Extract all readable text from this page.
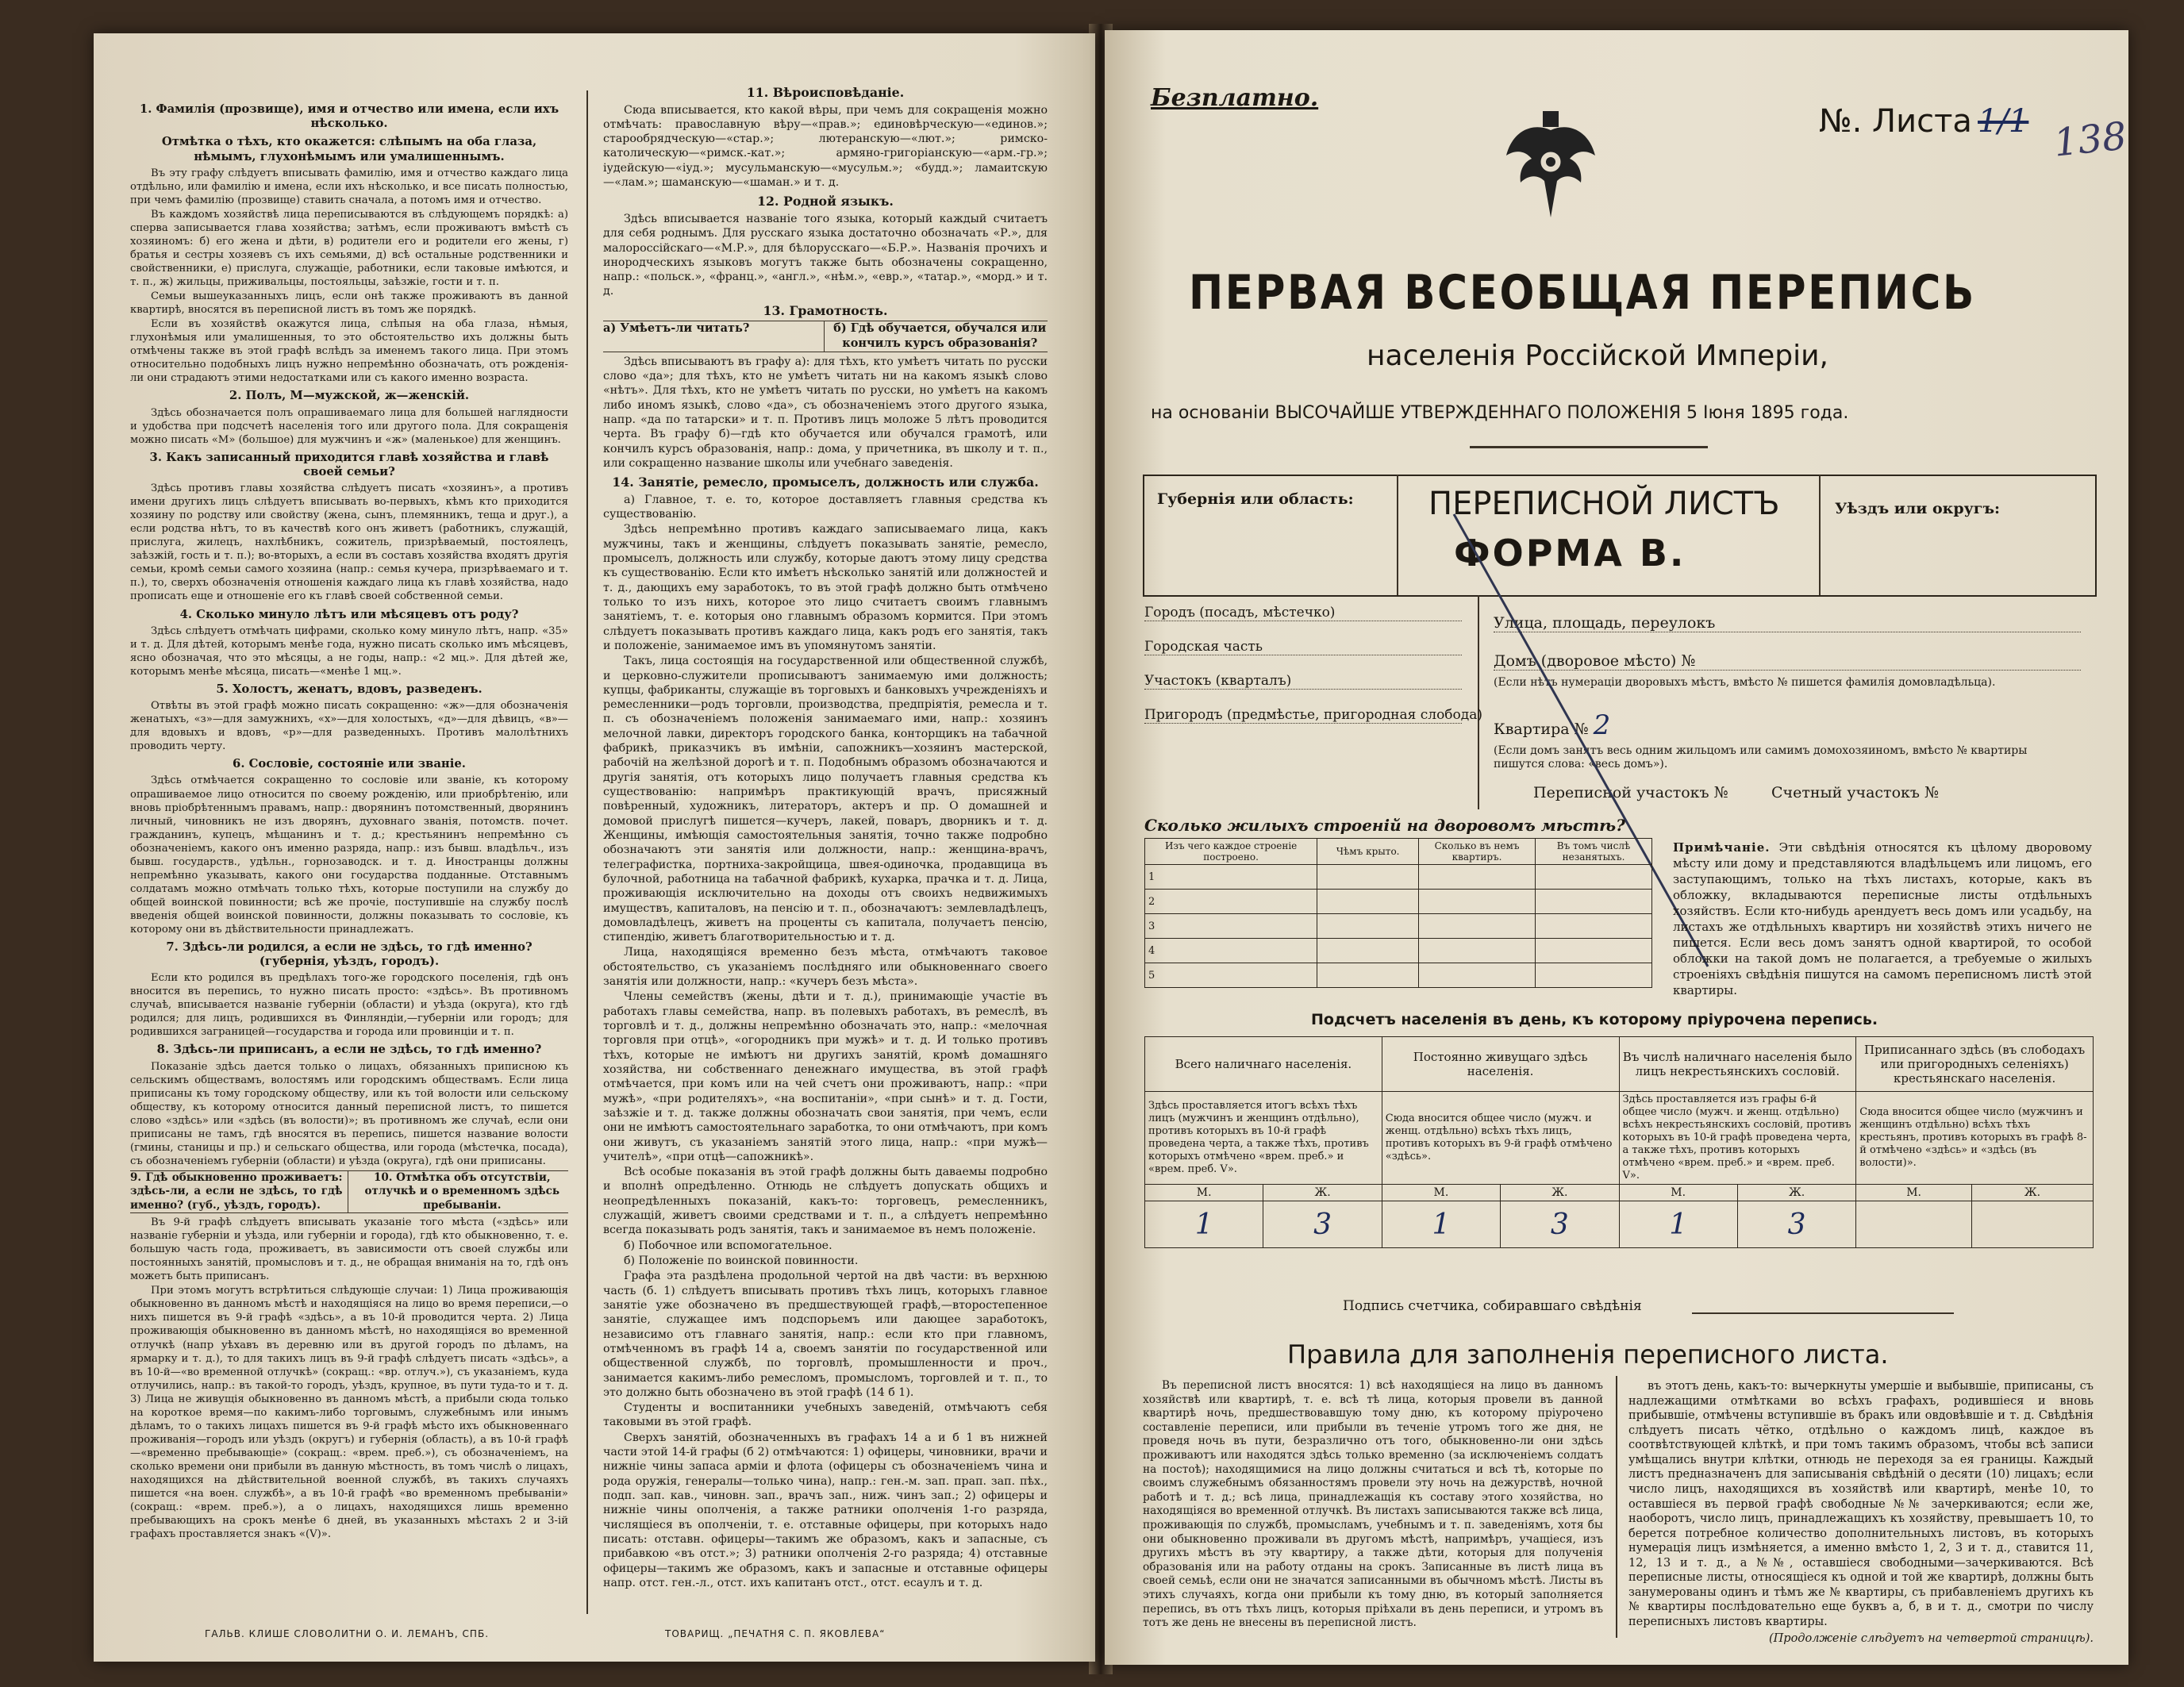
1. Фамилія (прозвище), имя и отчество или имена, если ихъ нѣсколько.
Отмѣтка о тѣхъ, кто окажется: слѣпымъ на оба глаза, нѣмымъ, глухонѣмымъ или умалишеннымъ.

Въ эту графу слѣдуетъ вписывать фамилію, имя и отчество каждаго лица отдѣльно, или фамилію и имена, если ихъ нѣсколько, и все писать полностью, при чемъ фамилію (прозвище) ставить сначала, а потомъ имя и отчество.

Въ каждомъ хозяйствѣ лица переписываются въ слѣдующемъ порядкѣ: а) сперва записывается глава хозяйства; затѣмъ, если проживаютъ вмѣстѣ съ хозяиномъ: б) его жена и дѣти, в) родители его и родители его жены, г) братья и сестры хозяевъ съ ихъ семьями, д) всѣ остальные родственники и свойственники, е) прислуга, служащіе, работники, если таковые имѣются, и т. п., ж) жильцы, приживальцы, постояльцы, заѣзжіе, гости и т. п.

Семьи вышеуказанныхъ лицъ, если онѣ также проживаютъ въ данной квартирѣ, вносятся въ переписной листъ въ томъ же порядкѣ.

Если въ хозяйствѣ окажутся лица, слѣпыя на оба глаза, нѣмыя, глухонѣмыя или умалишенныя, то это обстоятельство ихъ должны быть отмѣчены также въ этой графѣ вслѣдъ за именемъ такого лица. При этомъ относительно подобныхъ лицъ нужно непремѣнно обозначать, отъ рожденія-ли они страдаютъ этими недостатками или съ какого именно возраста.

2. Полъ, М—мужской, ж—женскій.

Здѣсь обозначается полъ опрашиваемаго лица для большей наглядности и удобства при подсчетѣ населенія того или другого пола. Для сокращенія можно писать «М» (большое) для мужчинъ и «ж» (маленькое) для женщинъ.

3. Какъ записанный приходится главѣ хозяйства и главѣ своей семьи?

Здѣсь противъ главы хозяйства слѣдуетъ писать «хозяинъ», а противъ имени другихъ лицъ слѣдуетъ вписывать во-первыхъ, кѣмъ кто приходится хозяину по родству или свойству (жена, сынъ, племянникъ, теща и друг.), а если родства нѣтъ, то въ качествѣ кого онъ живетъ (работникъ, служащій, прислуга, жилецъ, нахлѣбникъ, сожитель, призрѣваемый, постоялецъ, заѣзжій, гость и т. п.); во-вторыхъ, а если въ составъ хозяйства входятъ другія семьи, кромѣ семьи самого хозяина (напр.: семья кучера, призрѣваемаго и т. п.), то, сверхъ обозначенія отношенія каждаго лица къ главѣ хозяйства, надо прописать еще и отношеніе его къ главѣ своей собственной семьи.

4. Сколько минуло лѣтъ или мѣсяцевъ отъ роду?

Здѣсь слѣдуетъ отмѣчать цифрами, сколько кому минуло лѣтъ, напр. «35» и т. д. Для дѣтей, которымъ менѣе года, нужно писать сколько имъ мѣсяцевъ, ясно обозначая, что это мѣсяцы, а не годы, напр.: «2 мц.». Для дѣтей же, которымъ менѣе мѣсяца, писать—«менѣе 1 мц.».

5. Холостъ, женатъ, вдовъ, разведенъ.

Отвѣты въ этой графѣ можно писать сокращенно: «ж»—для обозначенія женатыхъ, «з»—для замужнихъ, «х»—для холостыхъ, «д»—для дѣвицъ, «в»—для вдовыхъ и вдовъ, «р»—для разведенныхъ. Противъ малолѣтнихъ проводить черту.

6. Сословіе, состояніе или званіе.

Здѣсь отмѣчается сокращенно то сословіе или званіе, къ которому опрашиваемое лицо относится по своему рожденію, или приобрѣтенію, или вновь пріобрѣтеннымъ правамъ, напр.: дворянинъ потомственный, дворянинъ личный, чиновникъ не изъ дворянъ, духовнаго званія, потомств. почет. гражданинъ, купецъ, мѣщанинъ и т. д.; крестьянинъ непремѣнно съ обозначеніемъ, какого онъ именно разряда, напр.: изъ бывш. владѣльч., изъ бывш. государств., удѣльн., горнозаводск. и т. д. Иностранцы должны непремѣнно указывать, какого они государства подданные. Отставнымъ солдатамъ можно отмѣчать только тѣхъ, которые поступили на службу до общей воинской повинности; всѣ же прочіе, поступившіе на службу послѣ введенія общей воинской повинности, должны показывать то сословіе, къ которому они въ дѣйствительности принадлежатъ.

7. Здѣсь-ли родился, а если не здѣсь, то гдѣ именно? (губернія, уѣздъ, городъ).

Если кто родился въ предѣлахъ того-же городского поселенія, гдѣ онъ вносится въ перепись, то нужно писать просто: «здѣсь». Въ противномъ случаѣ, вписывается названіе губерніи (области) и уѣзда (округа), кто гдѣ родился; для лицъ, родившихся въ Финляндіи,—губерніи или городъ; для родившихся заграницей—государства и города или провинціи и т. п.

8. Здѣсь-ли приписанъ, а если не здѣсь, то гдѣ именно?

Показаніе здѣсь дается только о лицахъ, обязанныхъ приписною къ сельскимъ обществамъ, волостямъ или городскимъ обществамъ. Если лица приписаны къ тому городскому обществу, или къ той волости или сельскому обществу, къ которому относится данный переписной листъ, то пишется слово «здѣсь» или «здѣсь (въ волости)»; въ противномъ же случаѣ, если они приписаны не тамъ, гдѣ вносятся въ перепись, пишется название волости (гмины, станицы и пр.) и сельскаго общества, или города (мѣстечка, посада), съ обозначеніемъ губерніи (области) и уѣзда (округа), гдѣ они приписаны.

9. Гдѣ обыкновенно проживаетъ: здѣсь-ли, а если не здѣсь, то гдѣ именно? (губ., уѣздъ, городъ).
10. Отмѣтка объ отсутствіи, отлучкѣ и о временномъ здѣсь пребываніи.

Въ 9-й графѣ слѣдуетъ вписывать указаніе того мѣста («здѣсь» или названіе губерніи и уѣзда, или губерніи и города), гдѣ кто обыкновенно, т. е. большую часть года, проживаетъ, въ зависимости отъ своей службы или постоянныхъ занятій, промысловъ и т. д., не обращая вниманія на то, гдѣ онъ можетъ быть приписанъ.

При этомъ могутъ встрѣтиться слѣдующіе случаи: 1) Лица проживающія обыкновенно въ данномъ мѣстѣ и находящіяся на лицо во время переписи,—о нихъ пишется въ 9-й графѣ «здѣсь», а въ 10-й проводится черта. 2) Лица проживающія обыкновенно въ данномъ мѣстѣ, но находящіяся во временной отлучкѣ (напр уѣхавъ въ деревню или въ другой городъ по дѣламъ, на ярмарку и т. д.), то для такихъ лицъ въ 9-й графѣ слѣдуетъ писать «здѣсь», а въ 10-й—«во временной отлучкѣ» (сокращ.: «вр. отлуч.»), съ указаніемъ, куда отлучились, напр.: въ такой-то городъ, уѣздъ, крупное, въ пути туда-то и т. д. 3) Лица не живущія обыкновенно въ данномъ мѣстѣ, а прибыли сюда только на короткое время—по какимъ-либо торговымъ, служебнымъ или инымъ дѣламъ, то о такихъ лицахъ пишется въ 9-й графѣ мѣсто ихъ обыкновеннаго проживанія—городъ или уѣздъ (округъ) и губернія (область), а въ 10-й графѣ—«временно пребывающіе» (сокращ.: «врем. преб.»), съ обозначеніемъ, на сколько времени они прибыли въ данную мѣстность, въ томъ числѣ о лицахъ, находящихся на дѣйствительной военной службѣ, въ такихъ случаяхъ пишется «на воен. службѣ», а въ 10-й графѣ «во временномъ пребываніи» (сокращ.: «врем. преб.»), а о лицахъ, находящихся лишь временно пребывающихъ на срокъ менѣе 6 дней, въ указанныхъ мѣстахъ 2 и 3-ій графахъ проставляется знакъ «(V)».

11. Вѣроисповѣданіе.

Сюда вписывается, кто какой вѣры, при чемъ для сокращенія можно отмѣчать: православную вѣру—«прав.»; единовѣрческую—«единов.»; старообрядческую—«стар.»; лютеранскую—«лют.»; римско-католическую—«римск.-кат.»; армяно-григоріанскую—«арм.-гр.»; іудейскую—«іуд.»; мусульманскую—«мусульм.»; «будд.»; ламаитскую—«лам.»; шаманскую—«шаман.» и т. д.

12. Родной языкъ.

Здѣсь вписывается названіе того языка, который каждый считаетъ для себя роднымъ. Для русскаго языка достаточно обозначать «Р.», для малороссійскаго—«М.Р.», для бѣлорусскаго—«Б.Р.». Названія прочихъ и инородческихъ языковъ могутъ также быть обозначены сокращенно, напр.: «польск.», «франц.», «англ.», «нѣм.», «евр.», «татар.», «морд.» и т. д.

13. Грамотность.
а) Умѣетъ-ли читать?	б) Гдѣ обучается, обучался или кончилъ курсъ образованія?

Здѣсь вписываютъ въ графу а): для тѣхъ, кто умѣетъ читать по русски слово «да»; для тѣхъ, кто не умѣетъ читать ни на какомъ языкѣ слово «нѣтъ». Для тѣхъ, кто не умѣетъ читать по русски, но умѣетъ на какомъ либо иномъ языкѣ, слово «да», съ обозначеніемъ этого другого языка, напр. «да по татарски» и т. п. Противъ лицъ моложе 5 лѣтъ проводится черта. Въ графу б)—гдѣ кто обучается или обучался грамотѣ, или кончилъ курсъ образованія, напр.: дома, у причетника, въ школу и т. п., или сокращенно название школы или учебнаго заведенія.

14. Занятіе, ремесло, промыселъ, должность или служба.

а) Главное, т. е. то, которое доставляетъ главныя средства къ существованію.

Здѣсь непремѣнно противъ каждаго записываемаго лица, какъ мужчины, такъ и женщины, слѣдуетъ показывать занятіе, ремесло, промыселъ, должность или службу, которые даютъ этому лицу средства къ существованію. Если кто имѣетъ нѣсколько занятій или должностей и т. д., дающихъ ему заработокъ, то въ этой графѣ должно быть отмѣчено только то изъ нихъ, которое это лицо считаетъ своимъ главнымъ занятіемъ, т. е. которыя оно главнымъ образомъ кормится. При этомъ слѣдуетъ показывать противъ каждаго лица, какъ родъ его занятія, такъ и положеніе, занимаемое имъ въ упомянутомъ занятіи.

Такъ, лица состоящія на государственной или общественной службѣ, и церковно-служители прописываютъ занимаемую ими должность; купцы, фабриканты, служащіе въ торговыхъ и банковыхъ учрежденіяхъ и ремесленники—родъ торговли, производства, предпріятія, ремесла и т. п. съ обозначеніемъ положенія занимаемаго ими, напр.: хозяинъ мелочной лавки, директоръ городского банка, конторщикъ на табачной фабрикѣ, приказчикъ въ имѣніи, сапожникъ—хозяинъ мастерской, рабочій на желѣзной дорогѣ и т. п. Подобнымъ образомъ обозначаются и другія занятія, отъ которыхъ лицо получаетъ главныя средства къ существованію: напримѣръ практикующій врачъ, присяжный повѣренный, художникъ, литераторъ, актеръ и пр. О домашней и домовой прислугѣ пишется—кучеръ, лакей, поваръ, дворникъ и т. д. Женщины, имѣющія самостоятельныя занятія, точно также подробно обозначаютъ эти занятія или должности, напр.: женщина-врачъ, телеграфистка, портниха-закройщица, швея-одиночка, продавщица въ булочной, работница на табачной фабрикѣ, кухарка, прачка и т. д. Лица, проживающія исключительно на доходы отъ своихъ недвижимыхъ имуществъ, капиталовъ, на пенсію и т. п., обозначаютъ: землевладѣлецъ, домовладѣлецъ, живетъ на проценты съ капитала, получаетъ пенсію, стипендію, живетъ благотворительностью и т. д.

Лица, находящіяся временно безъ мѣста, отмѣчаютъ таковое обстоятельство, съ указаніемъ послѣдняго или обыкновеннаго своего занятія или должности, напр.: «кучеръ безъ мѣста».

Члены семействъ (жены, дѣти и т. д.), принимающіе участіе въ работахъ главы семейства, напр. въ полевыхъ работахъ, въ ремеслѣ, въ торговлѣ и т. д., должны непремѣнно обозначать это, напр.: «мелочная торговля при отцѣ», «огородникъ при мужѣ» и т. д. И только противъ тѣхъ, которые не имѣютъ ни другихъ занятій, кромѣ домашняго хозяйства, ни собственнаго денежнаго имущества, въ этой графѣ отмѣчается, при комъ или на чей счетъ они проживаютъ, напр.: «при мужѣ», «при родителяхъ», «на воспитаніи», «при сынѣ» и т. д. Гости, заѣзжіе и т. д. также должны обозначать свои занятія, при чемъ, если они не имѣютъ самостоятельнаго заработка, то они отмѣчаютъ, при комъ они живутъ, съ указаніемъ занятій этого лица, напр.: «при мужѣ—учителѣ», «при отцѣ—сапожникѣ».

Всѣ особые показанія въ этой графѣ должны быть даваемы подробно и вполнѣ опредѣленно. Отнюдь не слѣдуетъ допускать общихъ и неопредѣленныхъ показаній, какъ-то: торговецъ, ремесленникъ, служащій, живетъ своими средствами и т. п., а слѣдуетъ непремѣнно всегда показывать родъ занятія, такъ и занимаемое въ немъ положеніе.

б) Побочное или вспомогательное.

б) Положеніе по воинской повинности.

Графа эта раздѣлена продольной чертой на двѣ части: въ верхнюю часть (б. 1) слѣдуетъ вписывать противъ тѣхъ лицъ, которыхъ главное занятіе уже обозначено въ предшествующей графѣ,—второстепенное занятіе, служащее имъ подспорьемъ или дающее заработокъ, независимо отъ главнаго занятія, напр.: если кто при главномъ, отмѣченномъ въ графѣ 14 а, своемъ занятіи по государственной или общественной службѣ, по торговлѣ, промышленности и проч., занимается какимъ-либо ремесломъ, промысломъ, торговлей и т. п., то это должно быть обозначено въ этой графѣ (14 б 1).

Студенты и воспитанники учебныхъ заведеній, отмѣчаютъ себя таковыми въ этой графѣ.

Сверхъ занятій, обозначенныхъ въ графахъ 14 а и б 1 въ нижней части этой 14-й графы (б 2) отмѣчаются: 1) офицеры, чиновники, врачи и нижніе чины запаса арміи и флота (офицеры съ обозначеніемъ чина и рода оружія, генералы—только чина), напр.: ген.-м. зап. прап. зап. пѣх., подп. зап. кав., чиновн. зап., врачъ зап., ниж. чинъ зап.; 2) офицеры и нижніе чины ополченія, а также ратники ополченія 1-го разряда, числящіеся въ ополченіи, т. е. отставные офицеры, при которыхъ надо писать: отставн. офицеры—такимъ же образомъ, какъ и запасные, съ прибавкою «въ отст.»; 3) ратники ополченія 2-го разряда; 4) отставные офицеры—такимъ же образомъ, какъ и запасные и отставные офицеры напр. отст. ген.-л., отст. ихъ капитанъ отст., отст. есаулъ и т. д.

ГАЛЬВ. КЛИШЕ СЛОВОЛИТНИ О. И. ЛЕМАНЪ, СПБ.	ТОВАРИЩ. „ПЕЧАТНЯ С. П. ЯКОВЛЕВА“
Безплатно.
№. Листа 1/1 138
ПЕРВАЯ ВСЕОБЩАЯ ПЕРЕПИСЬ
населенія Россійской Имперіи,
на основаніи ВЫСОЧАЙШЕ УТВЕРЖДЕННАГО ПОЛОЖЕНІЯ 5 Іюня 1895 года.
Губернія или область: ПЕРЕПИСНОЙ ЛИСТЪ
ФОРМА В.
Уѣздъ или округъ:
Городъ (посадъ, мѣстечко)
Городская часть
Участокъ (кварталъ)
Пригородъ (предмѣстье, пригородная слобода)
Улица, площадь, переулокъ
Домъ (дворовое мѣсто) №
(Если нѣтъ нумераціи дворовыхъ мѣстъ, вмѣсто № пишется фамилія домовладѣльца).
Квартира № 2
(Если домъ занятъ весь одним жильцомъ или самимъ домохозяиномъ, вмѣсто № квартиры пишутся слова: «весь домъ»).
Переписной участокъ №	Счетный участокъ №
Сколько жилыхъ строеній на дворовомъ мѣстѣ?
Изъ чего каждое строеніе построено.	Чѣмъ крыто.	Сколько въ немъ квартиръ.	Въ томъ числѣ незанятыхъ.
1			
2			
3			
4			
5			
Примѣчаніе. Эти свѣдѣнія относятся къ цѣлому дворовому мѣсту или дому и представляются владѣльцемъ или лицомъ, его заступающимъ, только на тѣхъ листахъ, которые, какъ въ обложку, вкладываются переписные листы отдѣльныхъ хозяйствъ. Если кто-нибудь арендуетъ весь домъ или усадьбу, на листахъ же отдѣльныхъ квартиръ ни хозяйствѣ этихъ ничего не пишется. Если весь домъ занятъ одной квартирой, то особой обложки на такой домъ не полагается, а требуемые о жилыхъ строеніяхъ свѣдѣнія пишутся на самомъ переписномъ листѣ этой квартиры.
Подсчетъ населенія въ день, къ которому пріурочена перепись.
Всего наличнаго населенія.		Постоянно живущаго здѣсь населенія.		Въ числѣ наличнаго населенія было лицъ некрестьянскихъ сословій.		Приписаннаго здѣсь (въ слободахъ или пригородныхъ селеніяхъ) крестьянскаго населенія.	
Здѣсь проставляется итогъ всѣхъ тѣхъ лицъ (мужчинъ и женщинъ отдѣльно), противъ которыхъ въ 10-й графѣ проведена черта, а также тѣхъ, противъ которыхъ отмѣчено «врем. преб.» и «врем. преб. V».		Сюда вносится общее число (мужч. и женщ. отдѣльно) всѣхъ тѣхъ лицъ, противъ которыхъ въ 9-й графѣ отмѣчено «здѣсь».		Здѣсь проставляется изъ графы 6-й общее число (мужч. и женщ. отдѣльно) всѣхъ некрестьянскихъ сословій, противъ которыхъ въ 10-й графѣ проведена черта, а также тѣхъ, противъ которыхъ отмѣчено «врем. преб.» и «врем. преб. V».		Сюда вносится общее число (мужчинъ и женщинъ отдѣльно) всѣхъ тѣхъ крестьянъ, противъ которыхъ въ графѣ 8-й отмѣчено «здѣсь» и «здѣсь (въ волости)».	
М.	Ж.	М.	Ж.	М.	Ж.	М.	Ж.
1	3	1	3	1	3		
Подпись счетчика, собиравшаго свѣдѣнія
Правила для заполненія переписного листа.

Въ переписной листъ вносятся: 1) всѣ находящіеся на лицо въ данномъ хозяйствѣ или квартирѣ, т. е. всѣ тѣ лица, которыя провели въ данной квартирѣ ночь, предшествовавшую тому дню, къ которому пріурочено составленіе переписи, или прибыли въ теченіе утромъ того же дня, не проведя ночь въ пути, безразлично отъ того, обыкновенно-ли они здѣсь проживаютъ или находятся здѣсь только временно (за исключеніемъ солдатъ на постоѣ); находящимися на лицо должны считаться и всѣ тѣ, которые по своимъ служебнымъ обязанностямъ провели эту ночь на дежурствѣ, ночной работѣ и т. д.; всѣ лица, принадлежащія къ составу этого хозяйства, но находящіяся во временной отлучкѣ. Въ листахъ записываются также всѣ лица, проживающія по службѣ, промысламъ, учебнымъ и т. п. заведеніямъ, хотя бы они обыкновенно проживали въ другомъ мѣстѣ, напримѣръ, учащіеся, изъ другихъ мѣстъ въ эту квартиру, а также дѣти, которыя для полученія образованія или на работу отданы на срокъ. Записанные въ листѣ лица въ своей семьѣ, если они не значатся записанными въ обычномъ мѣстѣ. Листы въ этихъ случаяхъ, когда они прибыли къ тому дню, въ который заполняется перепись, въ отъ тѣхъ лицъ, которыя пріѣхали въ день переписи, и утромъ въ тотъ же день не внесены въ переписной листъ.

въ этотъ день, какъ-то: вычеркнуты умершіе и выбывшіе, приписаны, съ надлежащими отмѣтками во всѣхъ графахъ, родившіеся и вновь прибывшіе, отмѣчены вступившіе въ бракъ или овдовѣвшіе и т. д. Свѣдѣнія слѣдуетъ писать чётко, отдѣльно о каждомъ лицѣ, каждое въ соотвѣтствующей клѣткѣ, и при томъ такимъ образомъ, чтобы всѣ записи умѣщались внутри клѣтки, отнюдь не переходя за ея границы. Каждый листъ предназначенъ для записыванія свѣдѣній о десяти (10) лицахъ; если число лицъ, находящихся въ хозяйствѣ или квартирѣ, менѣе 10, то оставшіеся въ первой графѣ свободные №№ зачеркиваются; если же, наоборотъ, число лицъ, принадлежащихъ къ хозяйству, превышаетъ 10, то берется потребное количество дополнительныхъ листовъ, въ которыхъ нумерація лицъ измѣняется, а именно вмѣсто 1, 2, 3 и т. д., ставится 11, 12, 13 и т. д., а №№, оставшіеся свободными—зачеркиваются. Всѣ переписные листы, относящіеся къ одной и той же квартирѣ, должны быть занумерованы одинъ и тѣмъ же № квартиры, съ прибавленіемъ другихъ къ № квартиры послѣдовательно еще буквъ а, б, в и т. д., смотри по числу переписныхъ листовъ квартиры.

(Продолженіе слѣдуетъ на четвертой страницѣ).
